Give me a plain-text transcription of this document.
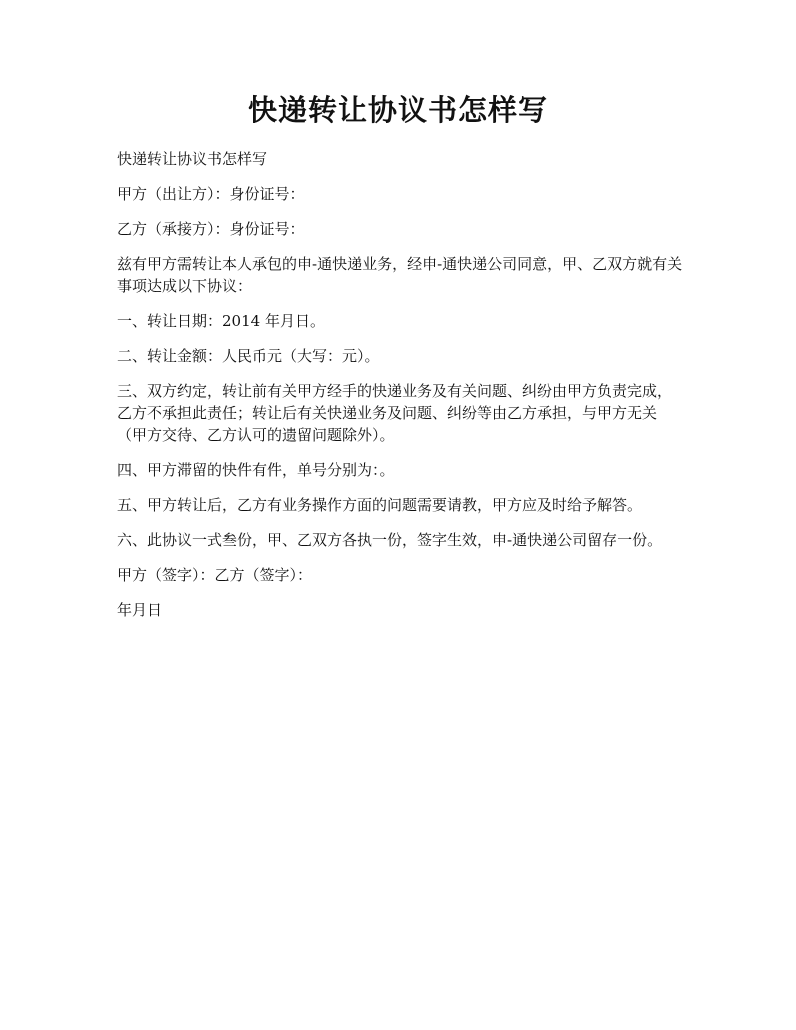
快递转让协议书怎样写

快递转让协议书怎样写

甲方（出让方）：身份证号：

乙方（承接方）：身份证号：

兹有甲方需转让本人承包的申-通快递业务，经申-通快递公司同意，甲、乙双方就有关事项达成以下协议：

一、转让日期：2014 年月日。

二、转让金额：人民币元（大写：元）。

三、双方约定，转让前有关甲方经手的快递业务及有关问题、纠纷由甲方负责完成，乙方不承担此责任；转让后有关快递业务及问题、纠纷等由乙方承担，与甲方无关（甲方交待、乙方认可的遗留问题除外）。

四、甲方滞留的快件有件，单号分别为：。

五、甲方转让后，乙方有业务操作方面的问题需要请教，甲方应及时给予解答。

六、此协议一式叁份，甲、乙双方各执一份，签字生效，申-通快递公司留存一份。

甲方（签字）：乙方（签字）：

年月日
